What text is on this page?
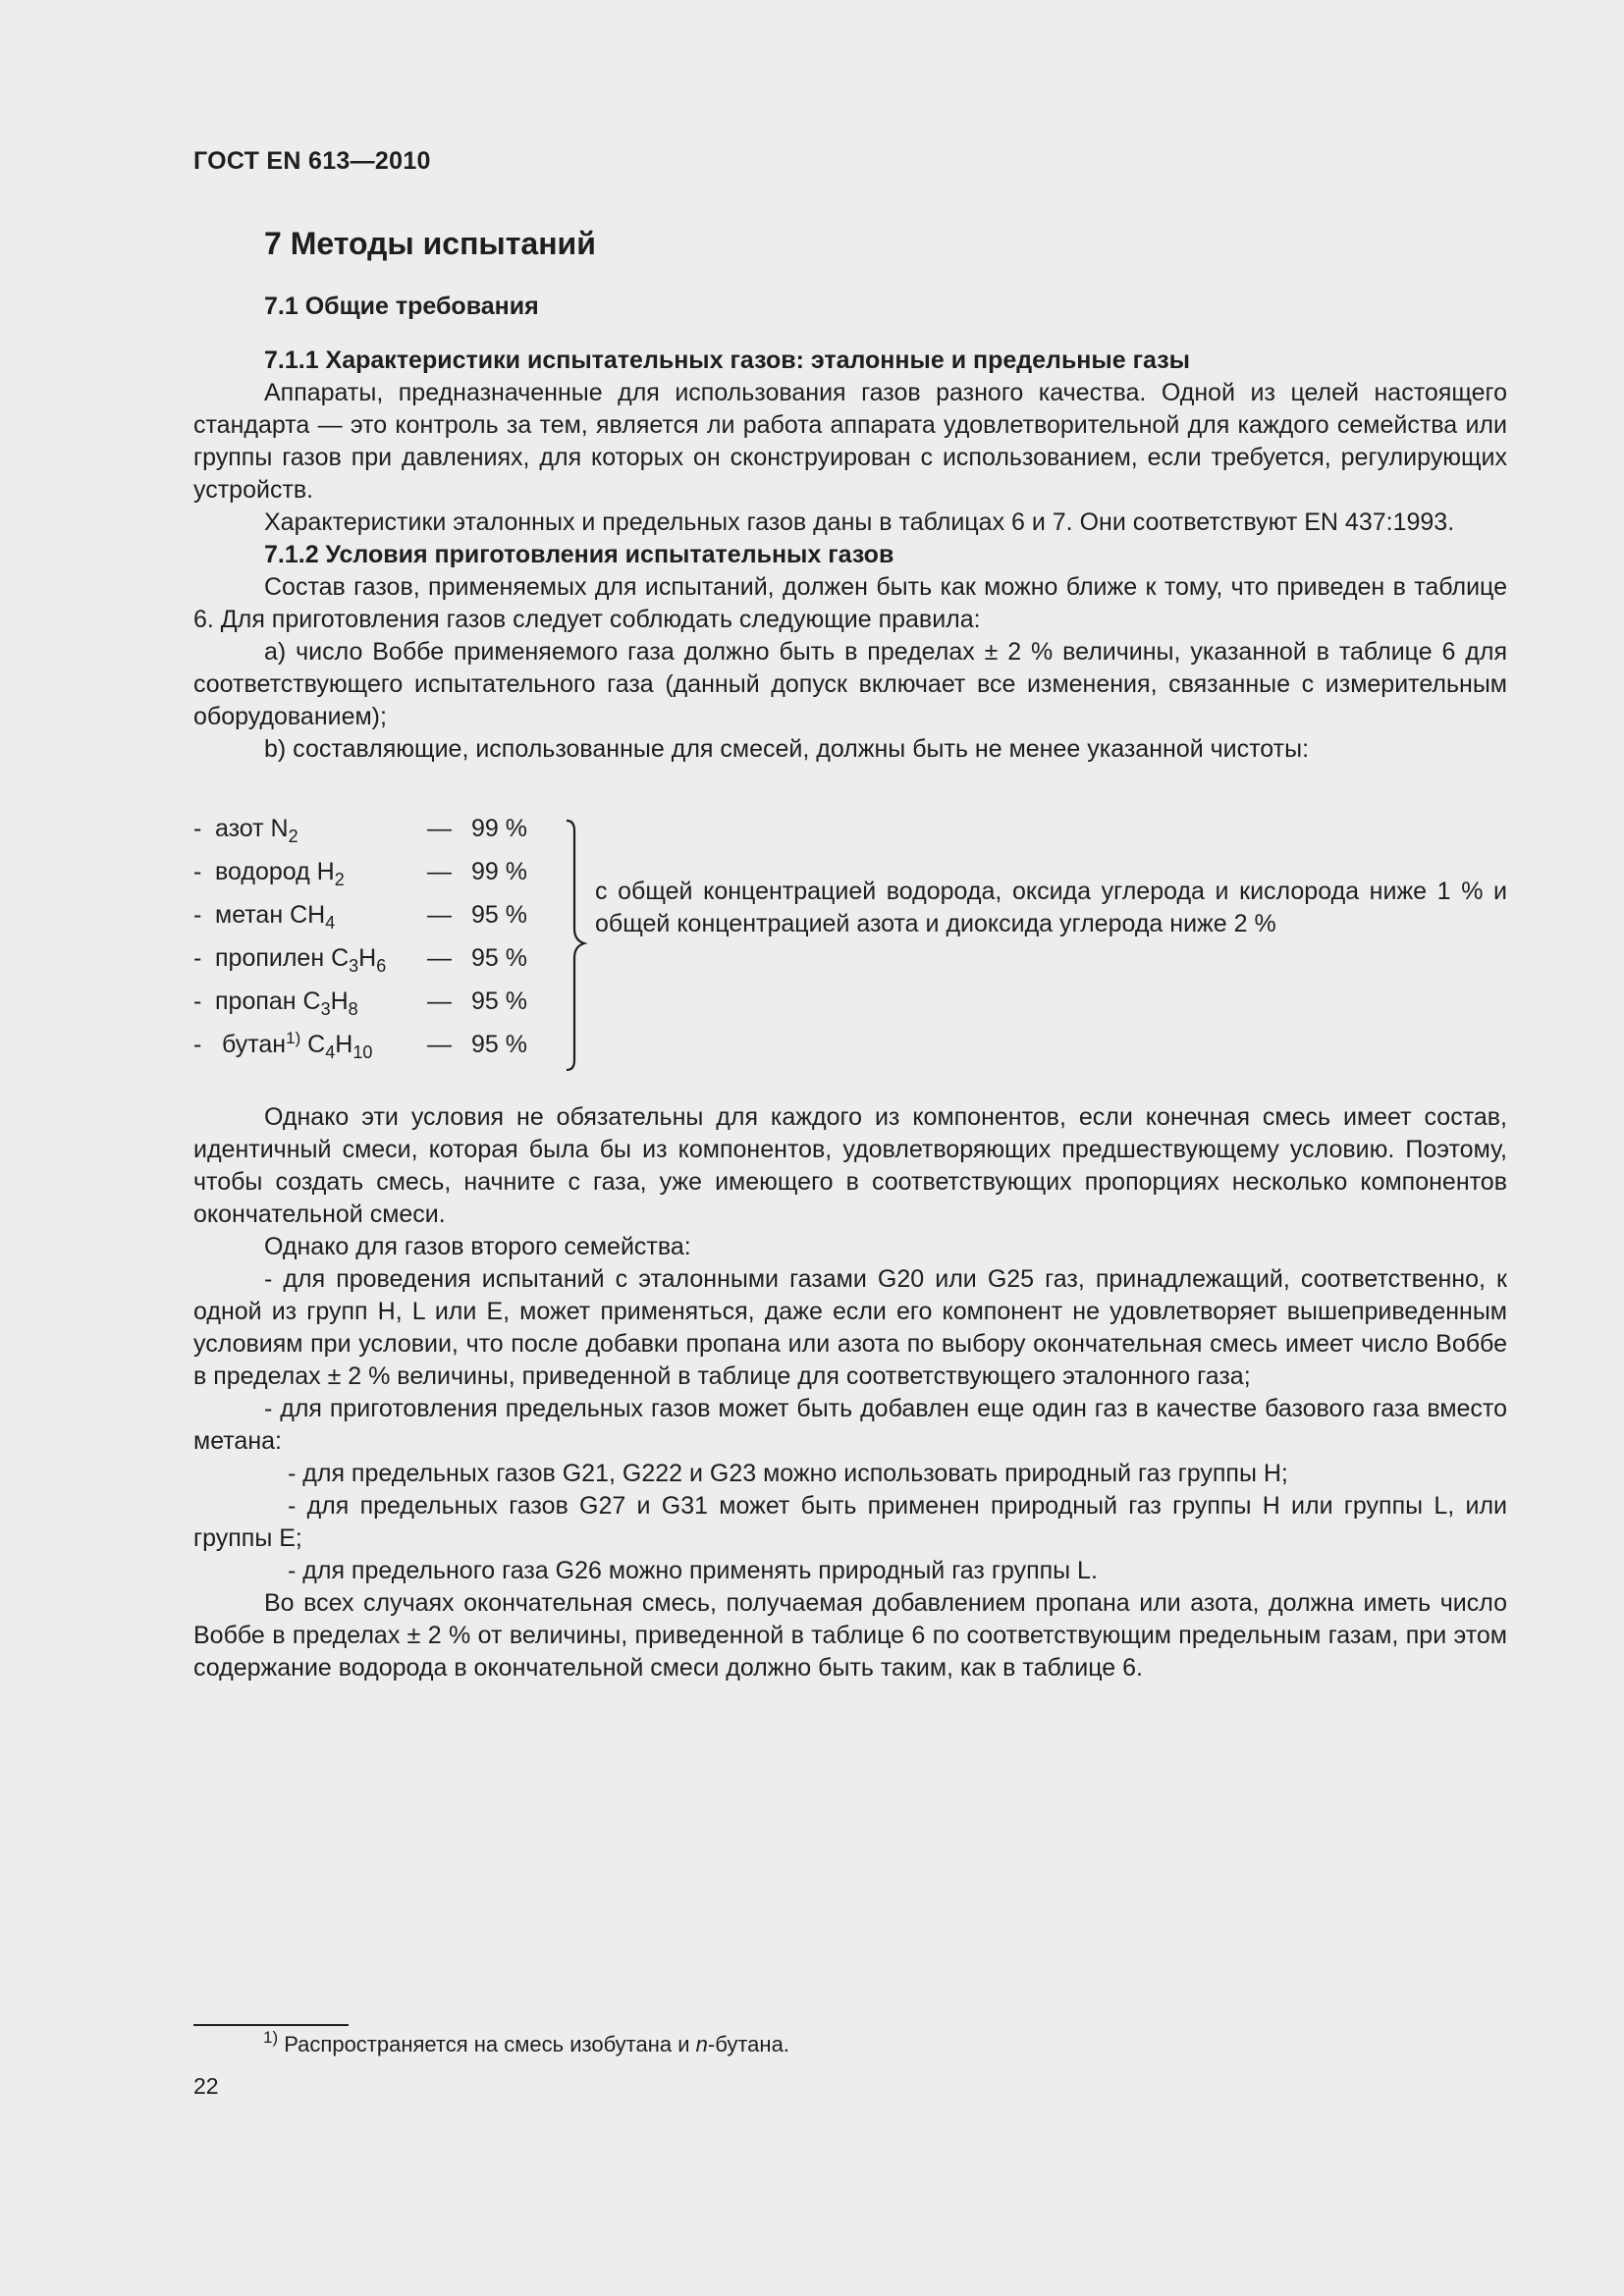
ГОСТ EN 613—2010
7 Методы испытаний
7.1 Общие требования
7.1.1 Характеристики испытательных газов: эталонные и предельные газы

Аппараты, предназначенные для использования газов разного качества. Одной из целей настоящего стандарта — это контроль за тем, является ли работа аппарата удовлетворительной для каждого семейства или группы газов при давлениях, для которых он сконструирован с использованием, если требуется, регулирующих устройств.

Характеристики эталонных и предельных газов даны в таблицах 6 и 7. Они соответствуют EN 437:1993.

7.1.2 Условия приготовления испытательных газов

Состав газов, применяемых для испытаний, должен быть как можно ближе к тому, что приведен в таблице 6. Для приготовления газов следует соблюдать следующие правила:

a) число Воббе применяемого газа должно быть в пределах ± 2 % величины, указанной в таблице 6 для соответствующего испытательного газа (данный допуск включает все изменения, связанные с измерительным оборудованием);

b) составляющие, использованные для смесей, должны быть не менее указанной чистоты:

- азот $N_2$	— 99 %
- водород $H_2$	— 99 %
- метан $CH_4$	— 95 %
- пропилен $C_3H_6$ — 95 %
- пропан $C_3H_8$	— 95 %
- бутан$^{1)}$ $C_4H_{10}$ — 95 %
с общей концентрацией водорода, оксида углерода и кислорода ниже 1 % и общей концентрацией азота и диоксида углерода ниже 2 %

Однако эти условия не обязательны для каждого из компонентов, если конечная смесь имеет состав, идентичный смеси, которая была бы из компонентов, удовлетворяющих предшествующему условию. Поэтому, чтобы создать смесь, начните с газа, уже имеющего в соответствующих пропорциях несколько компонентов окончательной смеси.

Однако для газов второго семейства:

- для проведения испытаний с эталонными газами G20 или G25 газ, принадлежащий, соответственно, к одной из групп H, L или E, может применяться, даже если его компонент не удовлетворяет вышеприведенным условиям при условии, что после добавки пропана или азота по выбору окончательная смесь имеет число Воббе в пределах ± 2 % величины, приведенной в таблице для соответствующего эталонного газа;

- для приготовления предельных газов может быть добавлен еще один газ в качестве базового газа вместо метана:

- для предельных газов G21, G222 и G23 можно использовать природный газ группы H;

- для предельных газов G27 и G31 может быть применен природный газ группы H или группы L, или группы E;

- для предельного газа G26 можно применять природный газ группы L.

Во всех случаях окончательная смесь, получаемая добавлением пропана или азота, должна иметь число Воббе в пределах ± 2 % от величины, приведенной в таблице 6 по соответствующим предельным газам, при этом содержание водорода в окончательной смеси должно быть таким, как в таблице 6.

$^{1)}$ Распространяется на смесь изобутана и n-бутана.
22
